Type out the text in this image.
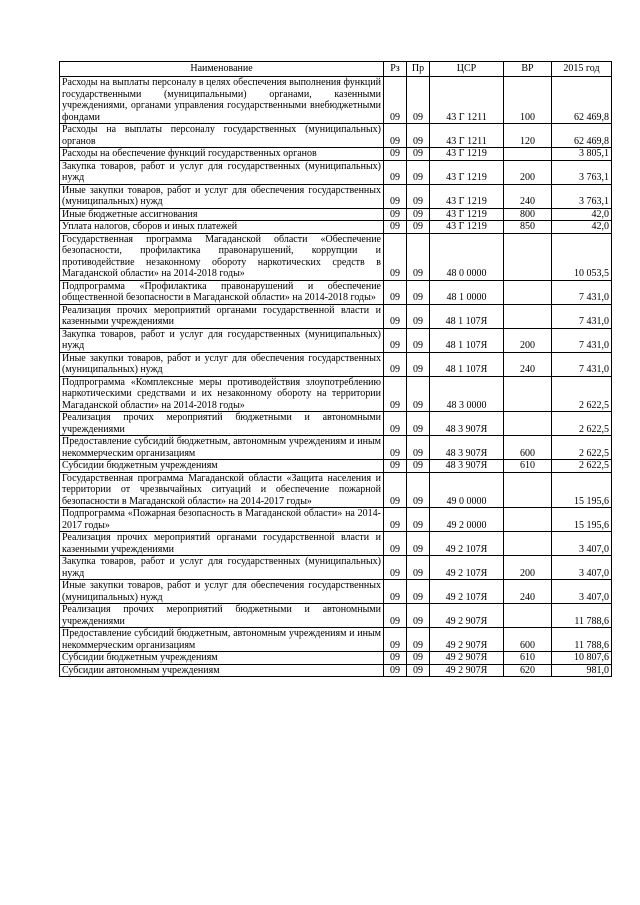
Наименование	Рз	Пр	ЦСР	ВР	2015 год
Расходы на выплаты персоналу в целях обеспечения выполнения функций государственными (муниципальными) органами, казенными учреждениями, органами управления государственными внебюджетными фондами	09	09	43 Г 1211	100	62 469,8
Расходы на выплаты персоналу государственных (муниципальных) органов	09	09	43 Г 1211	120	62 469,8
Расходы на обеспечение функций государственных органов	09	09	43 Г 1219		3 805,1
Закупка товаров, работ и услуг для государственных (муниципальных) нужд	09	09	43 Г 1219	200	3 763,1
Иные закупки товаров, работ и услуг для обеспечения государственных (муниципальных) нужд	09	09	43 Г 1219	240	3 763,1
Иные бюджетные ассигнования	09	09	43 Г 1219	800	42,0
Уплата налогов, сборов и иных платежей	09	09	43 Г 1219	850	42,0
Государственная программа Магаданской области «Обеспечение безопасности, профилактика правонарушений, коррупции и противодействие незаконному обороту наркотических средств в Магаданской области» на 2014-2018 годы»	09	09	48 0 0000		10 053,5
Подпрограмма «Профилактика правонарушений и обеспечение общественной безопасности в Магаданской области» на 2014-2018 годы»	09	09	48 1 0000		7 431,0
Реализация прочих мероприятий органами государственной власти и казенными учреждениями	09	09	48 1 107Я		7 431,0
Закупка товаров, работ и услуг для государственных (муниципальных) нужд	09	09	48 1 107Я	200	7 431,0
Иные закупки товаров, работ и услуг для обеспечения государственных (муниципальных) нужд	09	09	48 1 107Я	240	7 431,0
Подпрограмма «Комплексные меры противодействия злоупотреблению наркотическими средствами и их незаконному обороту на территории Магаданской области» на 2014-2018 годы»	09	09	48 3 0000		2 622,5
Реализация прочих мероприятий бюджетными и автономными учреждениями	09	09	48 3 907Я		2 622,5
Предоставление субсидий бюджетным, автономным учреждениям и иным некоммерческим организациям	09	09	48 3 907Я	600	2 622,5
Субсидии бюджетным учреждениям	09	09	48 3 907Я	610	2 622,5
Государственная программа Магаданской области «Защита населения и территории от чрезвычайных ситуаций и обеспечение пожарной безопасности в Магаданской области» на 2014-2017 годы»	09	09	49 0 0000		15 195,6
Подпрограмма «Пожарная безопасность в Магаданской области» на 2014-2017 годы»	09	09	49 2 0000		15 195,6
Реализация прочих мероприятий органами государственной власти и казенными учреждениями	09	09	49 2 107Я		3 407,0
Закупка товаров, работ и услуг для государственных (муниципальных) нужд	09	09	49 2 107Я	200	3 407,0
Иные закупки товаров, работ и услуг для обеспечения государственных (муниципальных) нужд	09	09	49 2 107Я	240	3 407,0
Реализация прочих мероприятий бюджетными и автономными учреждениями	09	09	49 2 907Я		11 788,6
Предоставление субсидий бюджетным, автономным учреждениям и иным некоммерческим организациям	09	09	49 2 907Я	600	11 788,6
Субсидии бюджетным учреждениям	09	09	49 2 907Я	610	10 807,6
Субсидии автономным учреждениям	09	09	49 2 907Я	620	981,0
